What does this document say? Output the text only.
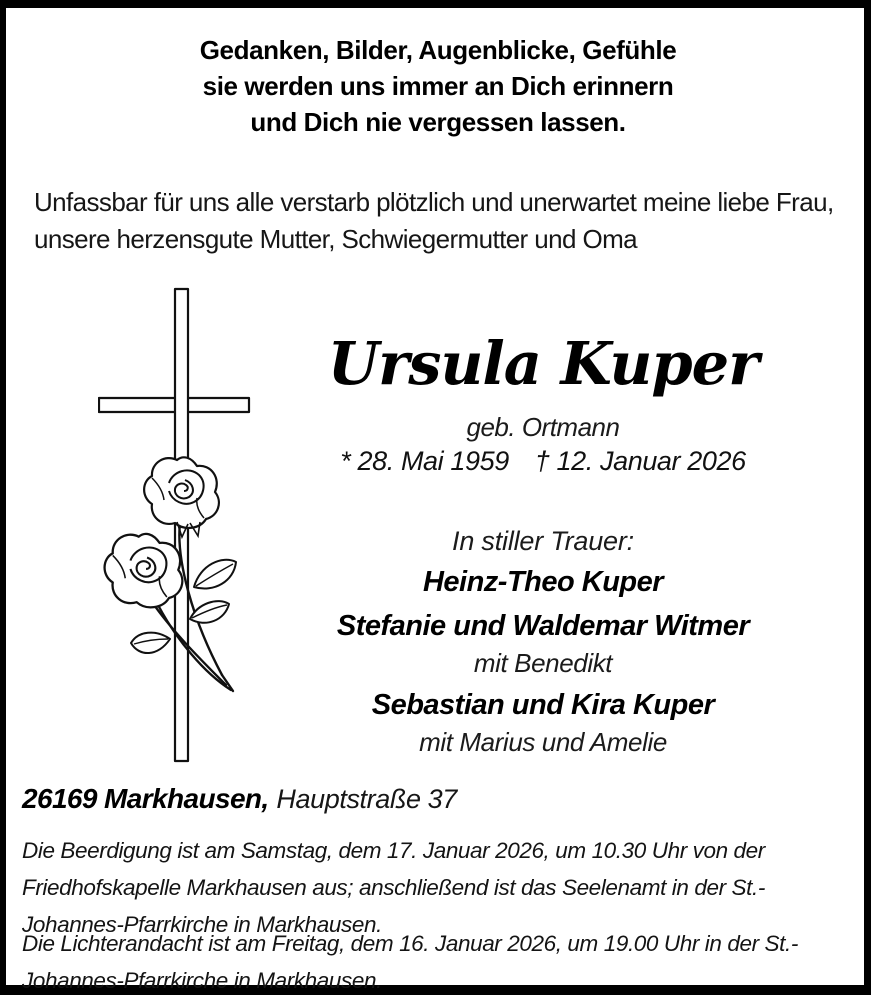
Gedanken, Bilder, Augenblicke, Gefühle
sie werden uns immer an Dich erinnern
und Dich nie vergessen lassen.
Unfassbar für uns alle verstarb plötzlich und unerwartet meine liebe Frau, unsere herzensgute Mutter, Schwiegermutter und Oma
Ursula Kuper
geb. Ortmann
* 28. Mai 1959 † 12. Januar 2026
In stiller Trauer:
Heinz-Theo Kuper
Stefanie und Waldemar Witmer
mit Benedikt
Sebastian und Kira Kuper
mit Marius und Amelie
26169 Markhausen, Hauptstraße 37
Die Beerdigung ist am Samstag, dem 17. Januar 2026, um 10.30 Uhr von der Friedhofskapelle Markhausen aus; anschließend ist das Seelenamt in der St.-Johannes-Pfarrkirche in Markhausen.
Die Lichterandacht ist am Freitag, dem 16. Januar 2026, um 19.00 Uhr in der St.- Johannes-Pfarrkirche in Markhausen.
